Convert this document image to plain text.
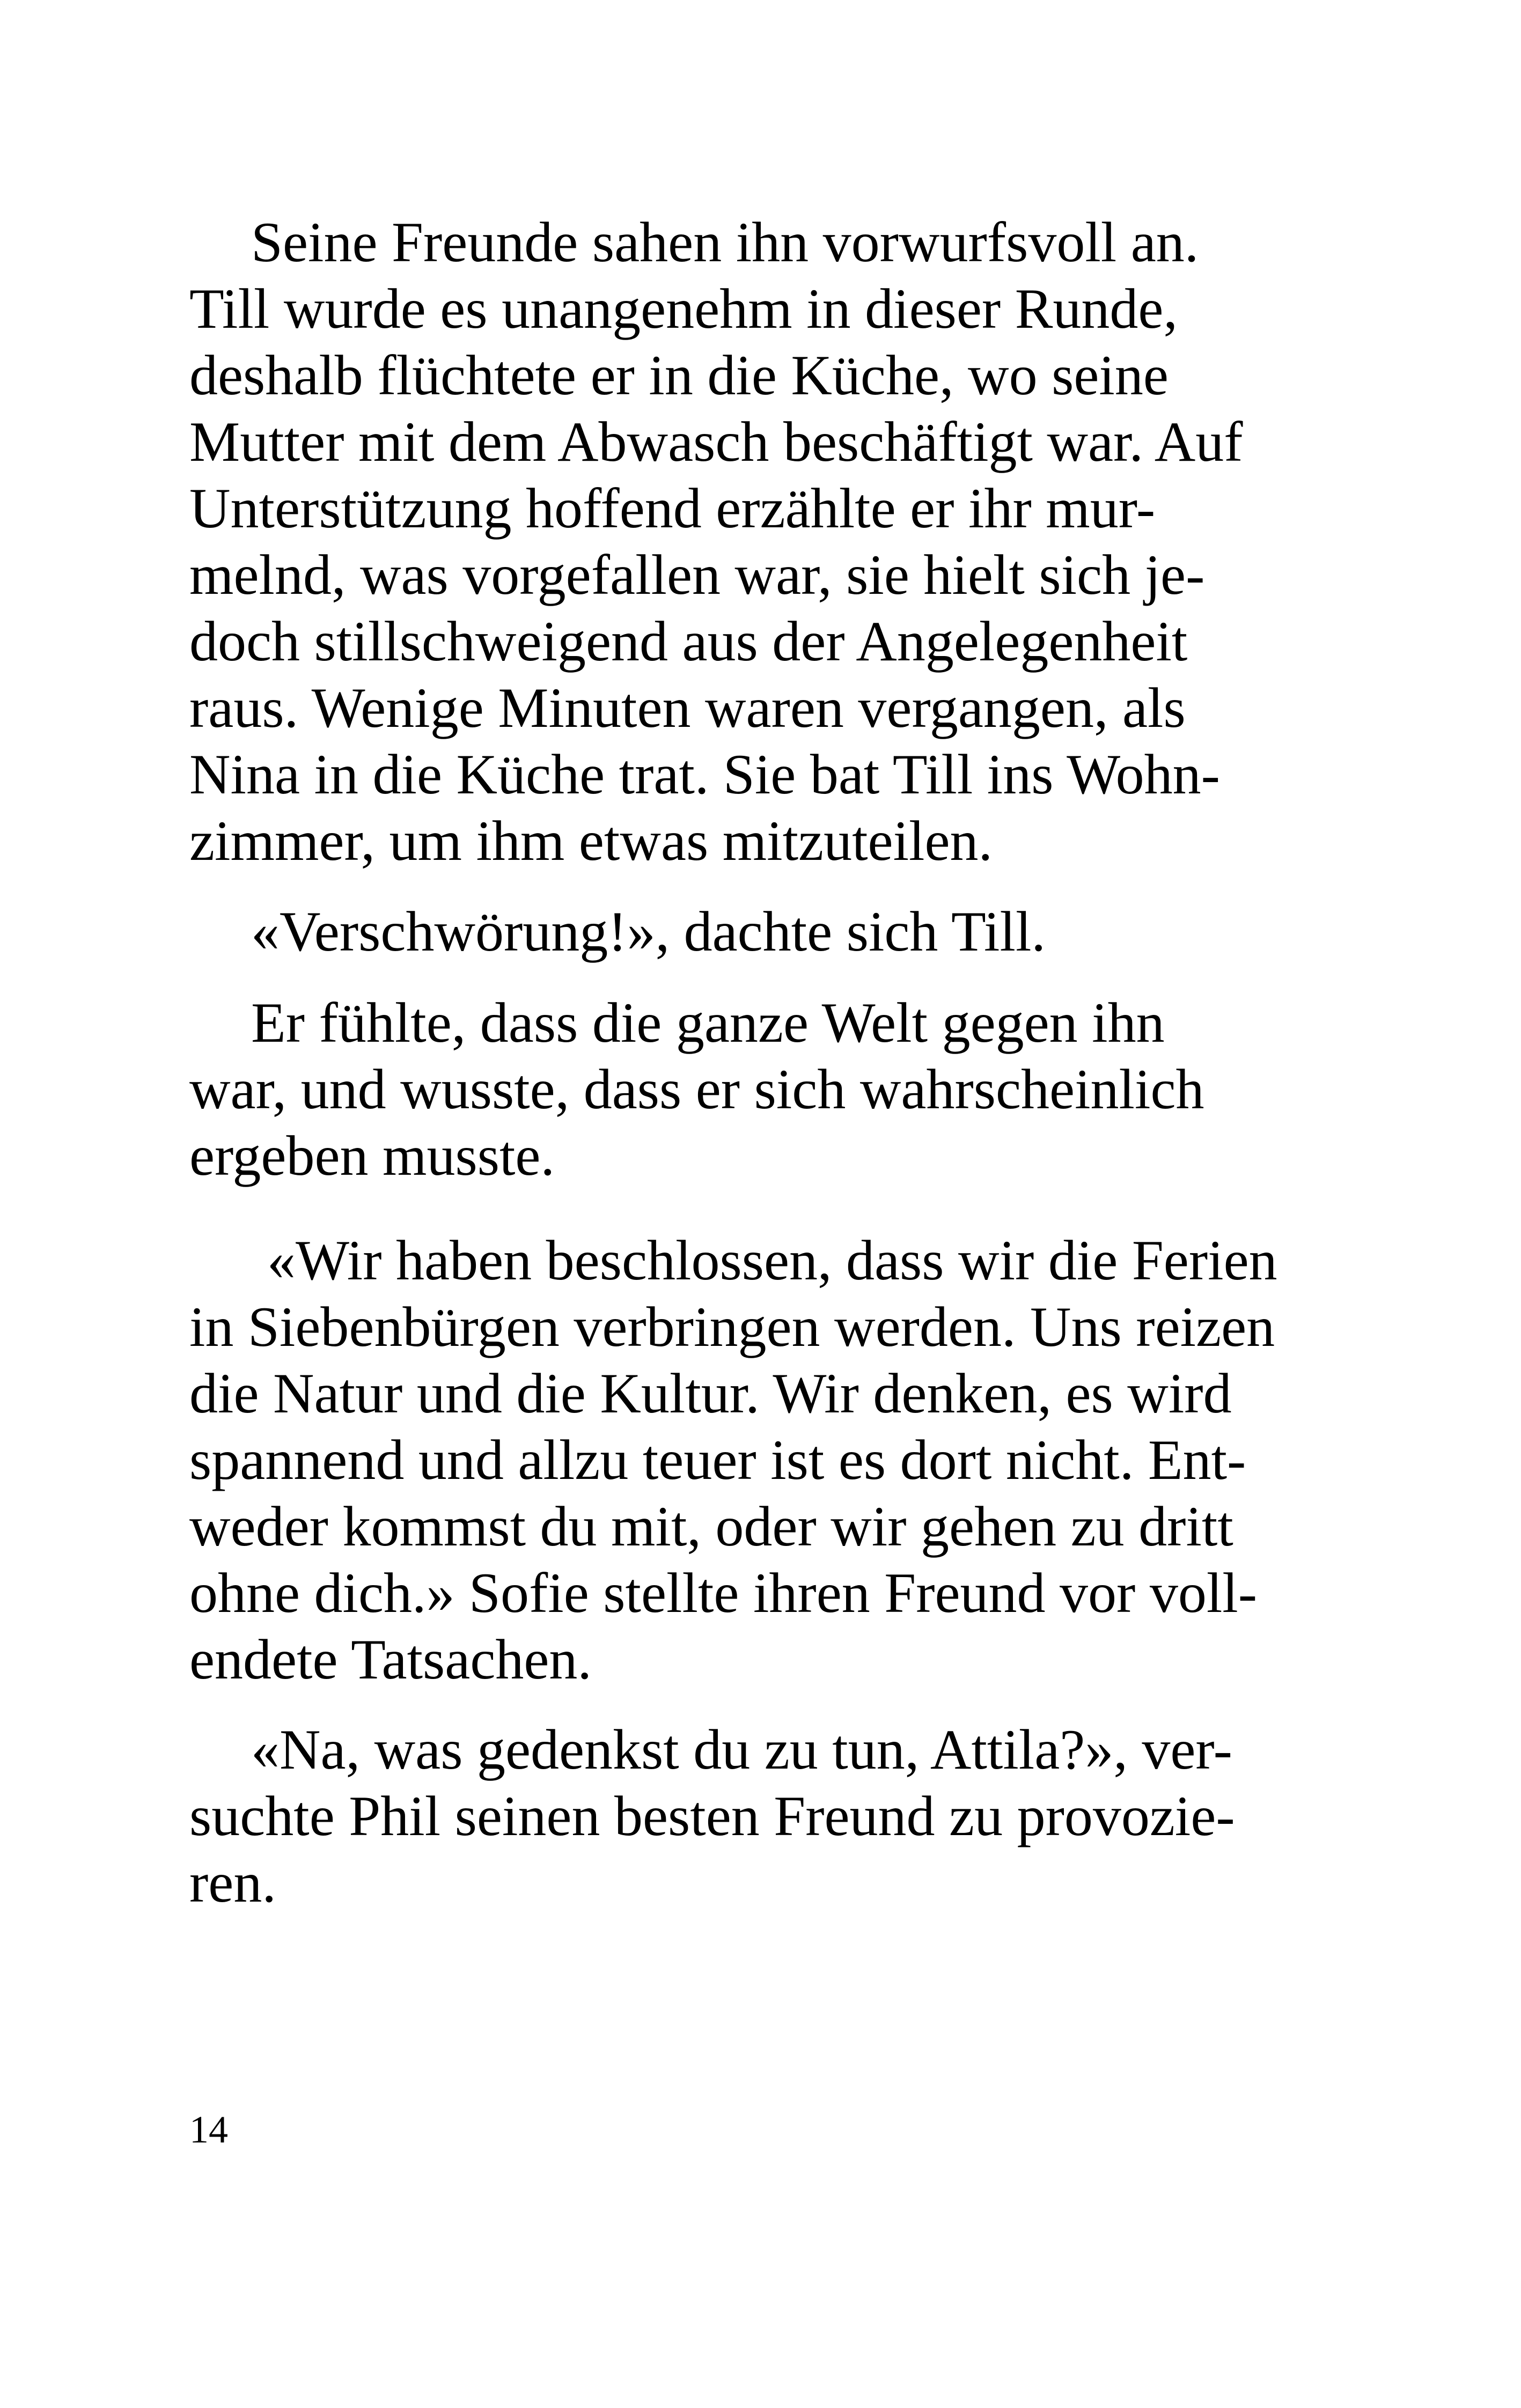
Seine Freunde sahen ihn vorwurfsvoll an.

Till wurde es unangenehm in dieser Runde,

deshalb flüchtete er in die Küche, wo seine

Mutter mit dem Abwasch beschäftigt war. Auf

Unterstützung hoffend erzählte er ihr mur-

melnd, was vorgefallen war, sie hielt sich je-

doch stillschweigend aus der Angelegenheit

raus. Wenige Minuten waren vergangen, als

Nina in die Küche trat. Sie bat Till ins Wohn-

zimmer, um ihm etwas mitzuteilen.

«Verschwörung!», dachte sich Till.

Er fühlte, dass die ganze Welt gegen ihn

war, und wusste, dass er sich wahrscheinlich

ergeben musste.

«Wir haben beschlossen, dass wir die Ferien

in Siebenbürgen verbringen werden. Uns reizen

die Natur und die Kultur. Wir denken, es wird

spannend und allzu teuer ist es dort nicht. Ent-

weder kommst du mit, oder wir gehen zu dritt

ohne dich.» Sofie stellte ihren Freund vor voll-

endete Tatsachen.

«Na, was gedenkst du zu tun, Attila?», ver-

suchte Phil seinen besten Freund zu provozie-

ren.

14
